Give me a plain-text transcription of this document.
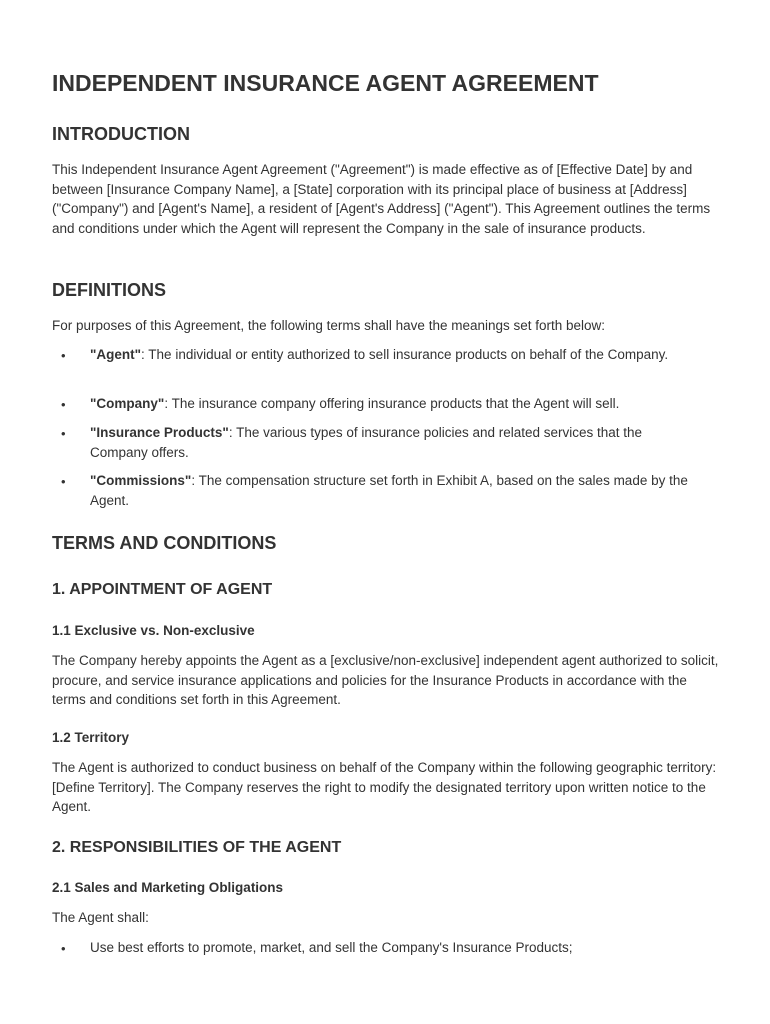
INDEPENDENT INSURANCE AGENT AGREEMENT
INTRODUCTION

This Independent Insurance Agent Agreement ("Agreement") is made effective as of [Effective Date] by and between [Insurance Company Name], a [State] corporation with its principal place of business at [Address] ("Company") and [Agent's Name], a resident of [Agent's Address] ("Agent"). This Agreement outlines the terms and conditions under which the Agent will represent the Company in the sale of insurance products.

DEFINITIONS

For purposes of this Agreement, the following terms shall have the meanings set forth below:

• "Agent": The individual or entity authorized to sell insurance products on behalf of the Company.
• "Company": The insurance company offering insurance products that the Agent will sell.
• "Insurance Products": The various types of insurance policies and related services that the Company offers.
• "Commissions": The compensation structure set forth in Exhibit A, based on the sales made by the Agent.
TERMS AND CONDITIONS
1. APPOINTMENT OF AGENT
1.1 Exclusive vs. Non-exclusive

The Company hereby appoints the Agent as a [exclusive/non-exclusive] independent agent authorized to solicit, procure, and service insurance applications and policies for the Insurance Products in accordance with the terms and conditions set forth in this Agreement.

1.2 Territory

The Agent is authorized to conduct business on behalf of the Company within the following geographic territory: [Define Territory]. The Company reserves the right to modify the designated territory upon written notice to the Agent.

2. RESPONSIBILITIES OF THE AGENT
2.1 Sales and Marketing Obligations

The Agent shall:

• Use best efforts to promote, market, and sell the Company's Insurance Products;
